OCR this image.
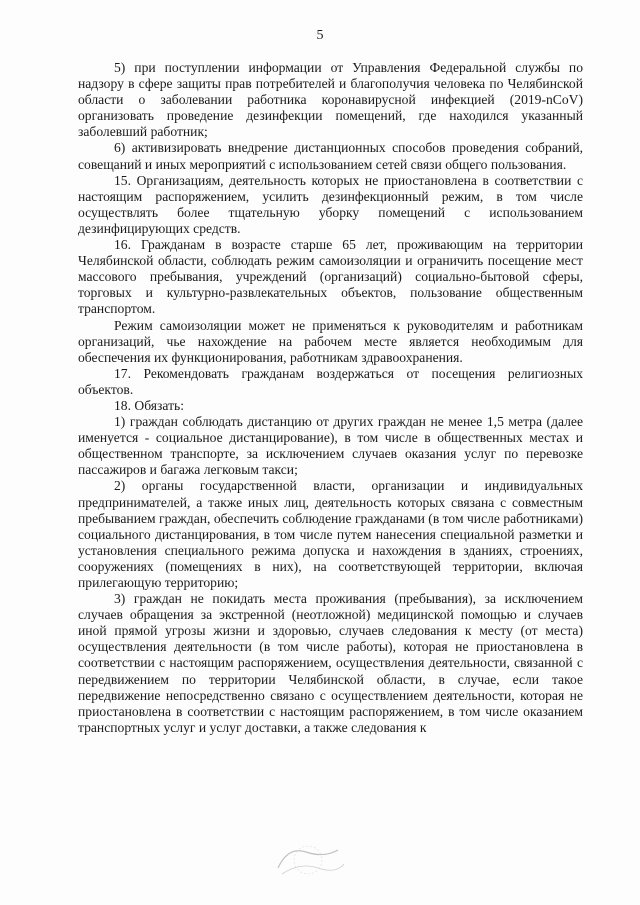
5

5) при поступлении информации от Управления Федеральной службы по надзору в сфере защиты прав потребителей и благополучия человека по Челябинской области о заболевании работника коронавирусной инфекцией (2019-nCoV) организовать проведение дезинфекции помещений, где находился указанный заболевший работник;

6) активизировать внедрение дистанционных способов проведения собраний, совещаний и иных мероприятий с использованием сетей связи общего пользования.

15. Организациям, деятельность которых не приостановлена в соответствии с настоящим распоряжением, усилить дезинфекционный режим, в том числе осуществлять более тщательную уборку помещений с использованием дезинфицирующих средств.

16. Гражданам в возрасте старше 65 лет, проживающим на территории Челябинской области, соблюдать режим самоизоляции и ограничить посещение мест массового пребывания, учреждений (организаций) социально-бытовой сферы, торговых и культурно-развлекательных объектов, пользование общественным транспортом.

Режим самоизоляции может не применяться к руководителям и работникам организаций, чье нахождение на рабочем месте является необходимым для обеспечения их функционирования, работникам здравоохранения.

17. Рекомендовать гражданам воздержаться от посещения религиозных объектов.

18. Обязать:

1) граждан соблюдать дистанцию от других граждан не менее 1,5 метра (далее именуется - социальное дистанцирование), в том числе в общественных местах и общественном транспорте, за исключением случаев оказания услуг по перевозке пассажиров и багажа легковым такси;

2) органы государственной власти, организации и индивидуальных предпринимателей, а также иных лиц, деятельность которых связана с совместным пребыванием граждан, обеспечить соблюдение гражданами (в том числе работниками) социального дистанцирования, в том числе путем нанесения специальной разметки и установления специального режима допуска и нахождения в зданиях, строениях, сооружениях (помещениях в них), на соответствующей территории, включая прилегающую территорию;

3) граждан не покидать места проживания (пребывания), за исключением случаев обращения за экстренной (неотложной) медицинской помощью и случаев иной прямой угрозы жизни и здоровью, случаев следования к месту (от места) осуществления деятельности (в том числе работы), которая не приостановлена в соответствии с настоящим распоряжением, осуществления деятельности, связанной с передвижением по территории Челябинской области, в случае, если такое передвижение непосредственно связано с осуществлением деятельности, которая не приостановлена в соответствии с настоящим распоряжением, в том числе оказанием транспортных услуг и услуг доставки, а также следования к
